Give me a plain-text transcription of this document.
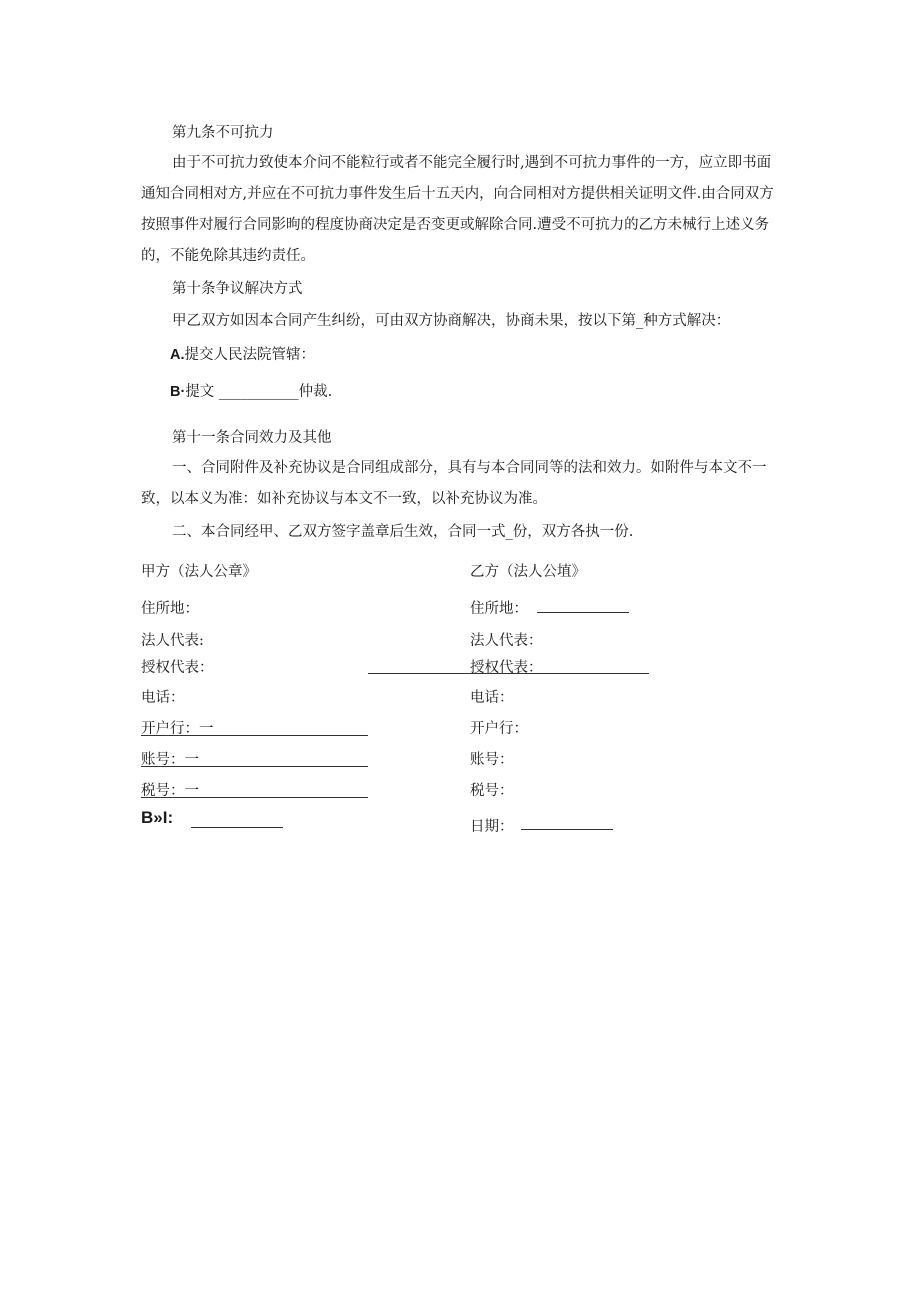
第九条不可抗力
由于不可抗力致使本介问不能粒行或者不能完全履行时,遇到不可抗力事件的一方，应立即书面通知合同相对方,并应在不可抗力事件发生后十五天内，向合同相对方提供相关证明文件.由合同双方按照事件对履行合同影昫的程度协商决定是否变更或解除合同.遭受不可抗力的乙方未械行上述义务的，不能免除其违约责任。
第十条争议解决方式
甲乙双方如因本合同产生纠纷，可由双方协商解决，协商未果，按以下第_种方式解决：
A.提交人民法院管辖：
B·提文 ___________仲裁.
第十一条合同效力及其他
一、合同附件及补充协议是合同组成部分，具有与本合同同等的法和效力。如附件与本文不一致，以本义为准：如补充协议与本文不一致，以补充协议为准。
二、本合同经甲、乙双方签字盖章后生效，合同一式_份，双方各执一份.
甲方（法人公章》
住所地：
法人代表:
授权代表：
电话：
开户行：一
账号：一
税号：一
B»I:
乙方（法人公埴》
住所地：
法人代表：
授权代表：
电话：
开户行：
账号：
税号：
日期：
